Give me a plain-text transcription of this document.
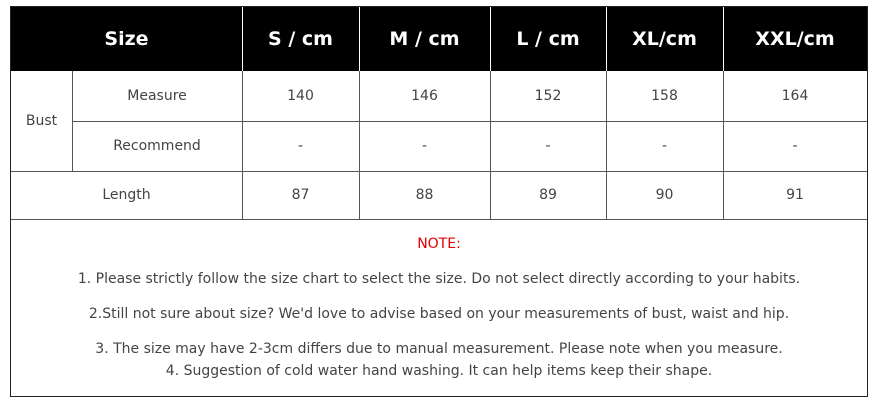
Size	S / cm	M / cm	L / cm	XL/cm	XXL/cm
Bust
Measure	140	146	152	158	164
Recommend	-	-	-	-	-
Length	87	88	89	90	91
NOTE:
1. Please strictly follow the size chart to select the size. Do not select directly according to your habits.
2.Still not sure about size? We'd love to advise based on your measurements of bust, waist and hip.
3. The size may have 2-3cm differs due to manual measurement. Please note when you measure.
4. Suggestion of cold water hand washing. It can help items keep their shape.
